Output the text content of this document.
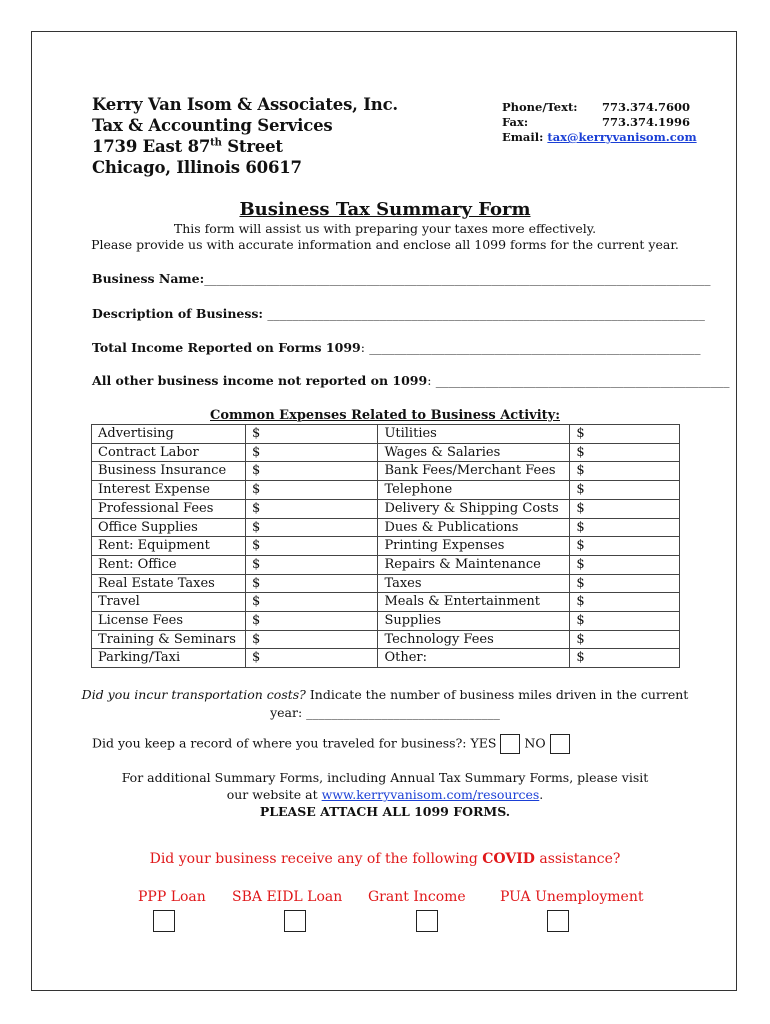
Kerry Van Isom & Associates, Inc.
Tax & Accounting Services
1739 East 87th Street
Chicago, Illinois 60617
Phone/Text: 773.374.7600
Fax:	773.374.1996
Email: tax@kerryvanisom.com
Business Tax Summary Form
This form will assist us with preparing your taxes more effectively.
Please provide us with accurate information and enclose all 1099 forms for the current year.
Business Name:_________________________________________________________________________________
Description of Business: ______________________________________________________________________
Total Income Reported on Forms 1099: _____________________________________________________
All other business income not reported on 1099: _______________________________________________
Common Expenses Related to Business Activity:
Advertising	$	Utilities	$
Contract Labor	$	Wages & Salaries	$
Business Insurance	$	Bank Fees/Merchant Fees	$
Interest Expense	$	Telephone	$
Professional Fees	$	Delivery & Shipping Costs	$
Office Supplies	$	Dues & Publications	$
Rent: Equipment	$	Printing Expenses	$
Rent: Office	$	Repairs & Maintenance	$
Real Estate Taxes	$	Taxes	$
Travel	$	Meals & Entertainment	$
License Fees	$	Supplies	$
Training & Seminars	$	Technology Fees	$
Parking/Taxi	$	Other:	$
Did you incur transportation costs? Indicate the number of business miles driven in the current
year: _______________________________
Did you keep a record of where you traveled for business?: YES NO
For additional Summary Forms, including Annual Tax Summary Forms, please visit
our website at www.kerryvanisom.com/resources.
PLEASE ATTACH ALL 1099 FORMS.
Did your business receive any of the following COVID assistance?
PPP Loan SBA EIDL Loan Grant Income PUA Unemployment
